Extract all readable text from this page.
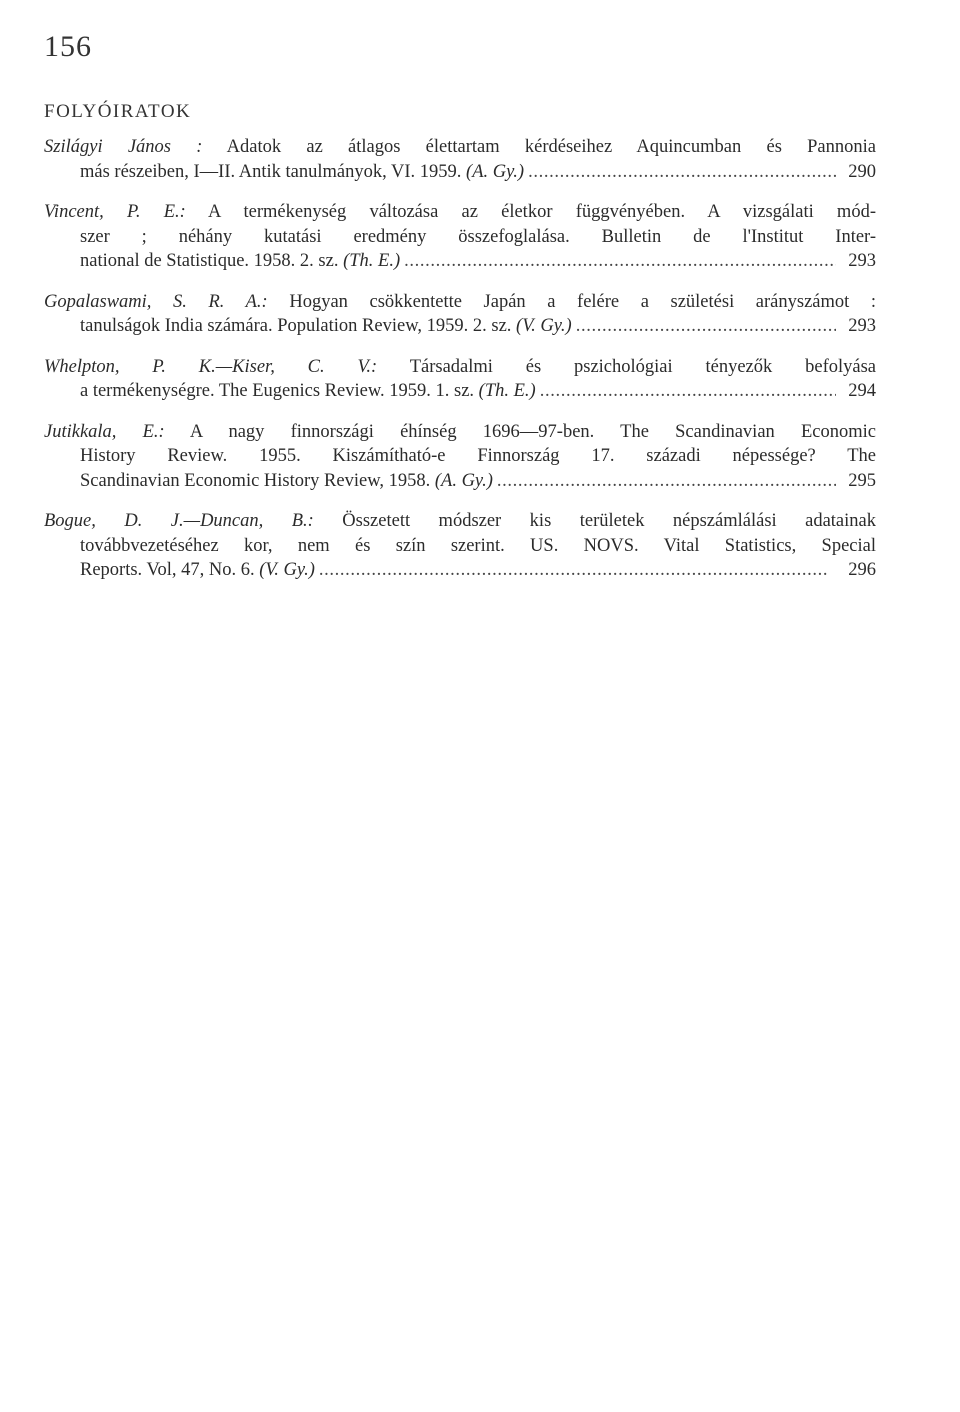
156
FOLYÓIRATOK
Szilágyi János : Adatok az átlagos élettartam kérdéseihez Aquincumban és Pannonia
más részeiben, I—II. Antik tanulmányok, VI. 1959. (A. Gy.) . . .	290
Vincent, P. E.: A termékenység változása az életkor függvényében. A vizsgálati mód-
szer ; néhány kutatási eredmény összefoglalása. Bulletin de l'Institut Inter-
national de Statistique. 1958. 2. sz. (Th. E.) . . .	293
Gopalaswami, S. R. A.: Hogyan csökkentette Japán a felére a születési arányszámot :
tanulságok India számára. Population Review, 1959. 2. sz. (V. Gy.) . . .	293
Whelpton, P. K.—Kiser, C. V.: Társadalmi és pszichológiai tényezők befolyása
a termékenységre. The Eugenics Review. 1959. 1. sz. (Th. E.) . . .	294
Jutikkala, E.: A nagy finnországi éhínség 1696—97-ben. The Scandinavian Economic
History Review. 1955. Kiszámítható-e Finnország 17. századi népessége? The
Scandinavian Economic History Review, 1958. (A. Gy.) . . .	295
Bogue, D. J.—Duncan, B.: Összetett módszer kis területek népszámlálási adatainak
továbbvezetéséhez kor, nem és szín szerint. US. NOVS. Vital Statistics, Special
Reports. Vol, 47, No. 6. (V. Gy.) . . .	296
